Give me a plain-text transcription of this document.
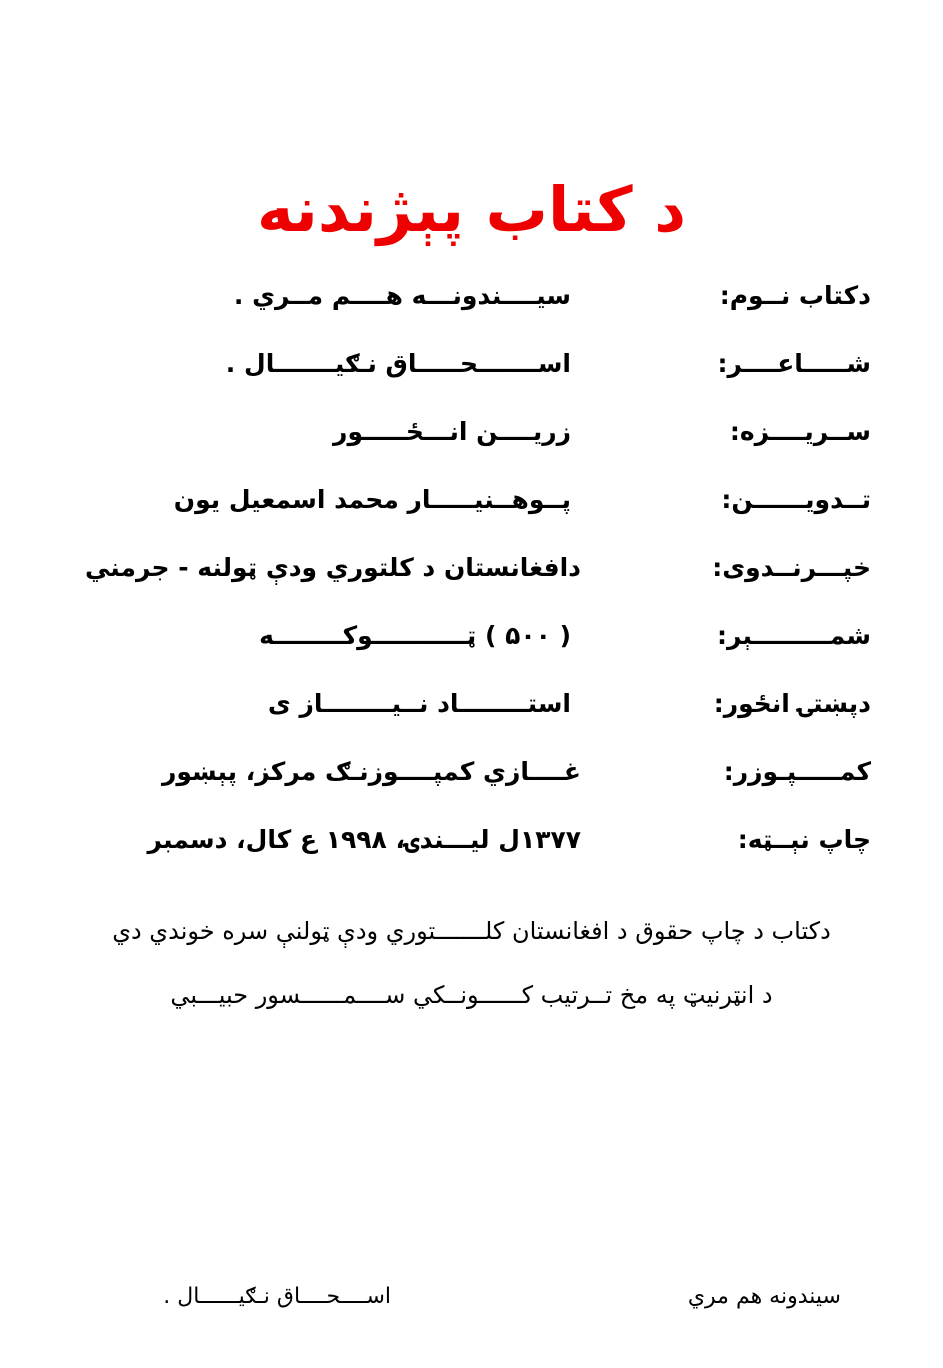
د کتاب پېژندنه
دکتاب نــوم:
سیــــندونـــه هــــم مــري .
شـــــاعــــر:
اســـــــحـــــاق نـګیـــــــال .
ســریــــزه:
زریــــن انـــځـــــور
تــدویــــــن:
پــوهــنیـــــار محمد اسمعیل یون
خپـــرنــدوی:
دافغانستان د کلتوري ودې ټولنه - جرمني
شمـــــــــېر:
( ۵۰۰ ) ټـــــــــــوکــــــــه
دپښتۍ انځور:
استــــــــاد نــیــــــــاز ی
کمـــــپـوزر:
غــــازي کمپــــوزنـګ مرکز، پېښور
چاپ نېــټه:
۱۳۷۷ل لیـــندۍ، ۱۹۹۸ ع کال، دسمبر

دکتاب د چاپ حقوق د افغانستان کلـــــــتوري ودې ټولنې سره خوندي دي

د انټرنیټ په مخ تــرتیب کــــــونــکي ســــمــــــسور حبیـــبي

سیندونه هم مري
اســــحــــاق نـګیــــــال .
